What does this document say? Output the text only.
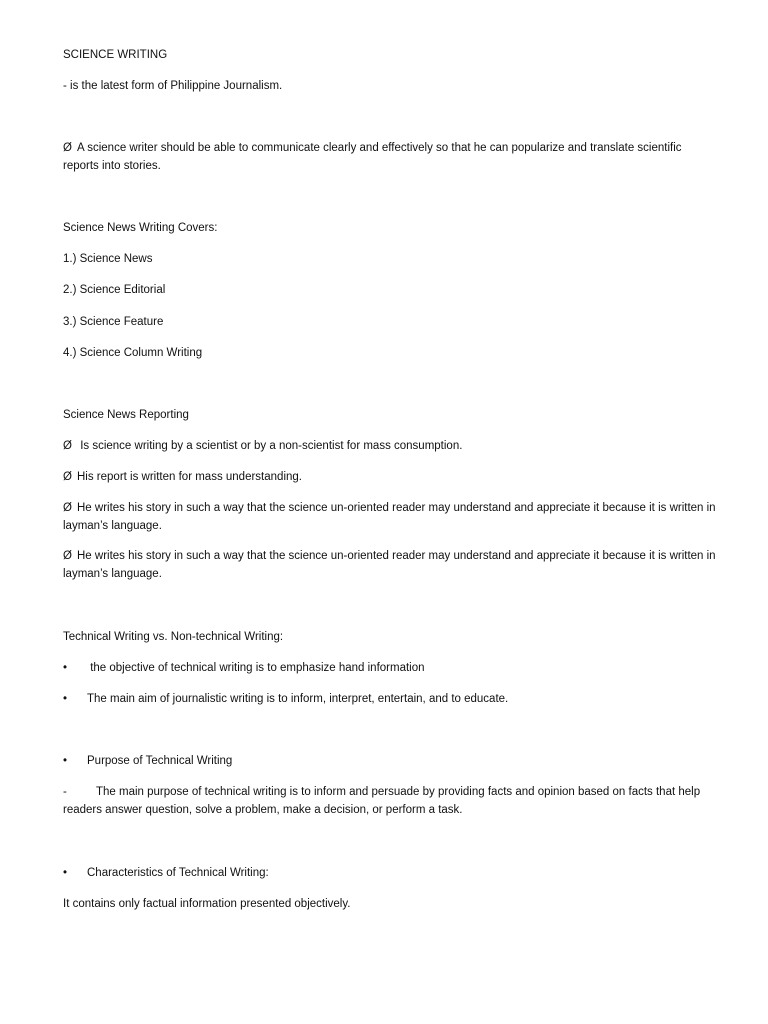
SCIENCE WRITING
- is the latest form of Philippine Journalism.
Ø A science writer should be able to communicate clearly and effectively so that he can popularize and translate scientific reports into stories.
Science News Writing Covers:
1.) Science News
2.) Science Editorial
3.) Science Feature
4.) Science Column Writing
Science News Reporting
Ø Is science writing by a scientist or by a non-scientist for mass consumption.
Ø His report is written for mass understanding.
Ø He writes his story in such a way that the science un-oriented reader may understand and appreciate it because it is written in layman’s language.
Ø He writes his story in such a way that the science un-oriented reader may understand and appreciate it because it is written in layman’s language.
Technical Writing vs. Non-technical Writing:
• the objective of technical writing is to emphasize hand information
• The main aim of journalistic writing is to inform, interpret, entertain, and to educate.
• Purpose of Technical Writing
-	The main purpose of technical writing is to inform and persuade by providing facts and opinion based on facts that help readers answer question, solve a problem, make a decision, or perform a task.
• Characteristics of Technical Writing:
It contains only factual information presented objectively.
